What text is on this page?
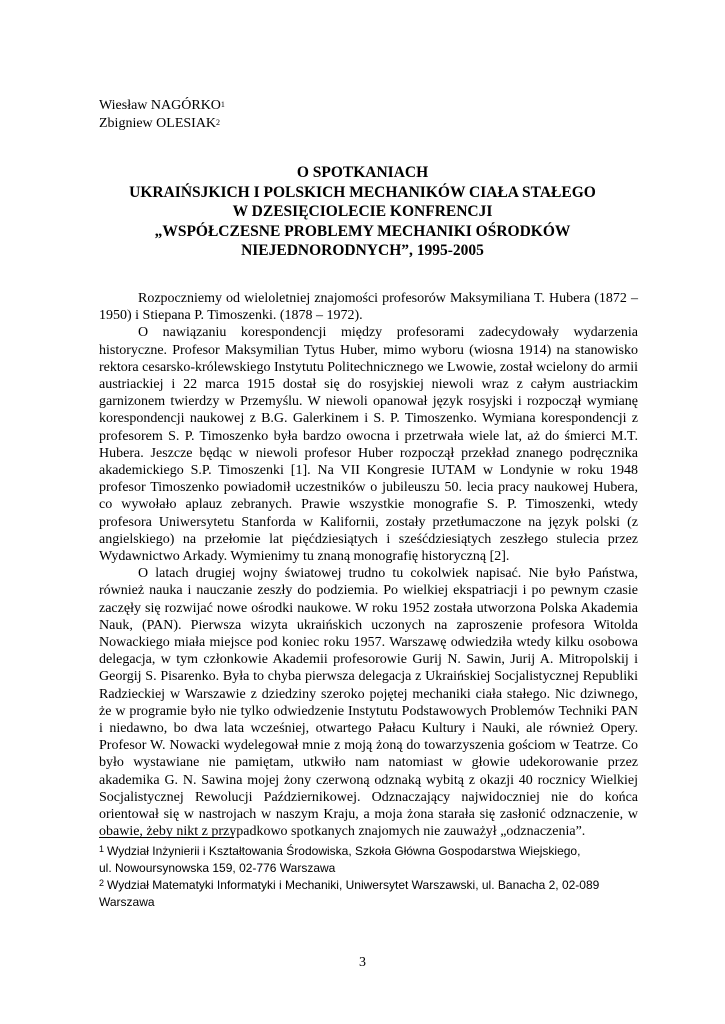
Wiesław NAGÓRKO$^1$
Zbigniew OLESIAK$^2$
O SPOTKANIACH
UKRAIŃSJKICH I POLSKICH MECHANIKÓW CIAŁA STAŁEGO
W DZESIĘCIOLECIE KONFRENCJI
„WSPÓŁCZESNE PROBLEMY MECHANIKI OŚRODKÓW
NIEJEDNORODNYCH”, 1995-2005

Rozpoczniemy od wieloletniej znajomości profesorów Maksymiliana T. Hubera (1872 – 1950) i Stiepana P. Timoszenki. (1878 – 1972).

O nawiązaniu korespondencji między profesorami zadecydowały wydarzenia historyczne. Profesor Maksymilian Tytus Huber, mimo wyboru (wiosna 1914) na stanowisko rektora cesarsko-królewskiego Instytutu Politechnicznego we Lwowie, został wcielony do armii austriackiej i 22 marca 1915 dostał się do rosyjskiej niewoli wraz z całym austriackim garnizonem twierdzy w Przemyślu. W niewoli opanował język rosyjski i rozpoczął wymianę korespondencji naukowej z B.G. Galerkinem i S. P. Timoszenko. Wymiana korespondencji z profesorem S. P. Timoszenko była bardzo owocna i przetrwała wiele lat, aż do śmierci M.T. Hubera. Jeszcze będąc w niewoli profesor Huber rozpoczął przekład znanego podręcznika akademickiego S.P. Timoszenki [1]. Na VII Kongresie IUTAM w Londynie w roku 1948 profesor Timoszenko powiadomił uczestników o jubileuszu 50. lecia pracy naukowej Hubera, co wywołało aplauz zebranych. Prawie wszystkie monografie S. P. Timoszenki, wtedy profesora Uniwersytetu Stanforda w Kalifornii, zostały przetłumaczone na język polski (z angielskiego) na przełomie lat pięćdziesiątych i sześćdziesiątych zeszłego stulecia przez Wydawnictwo Arkady. Wymienimy tu znaną monografię historyczną [2].

O latach drugiej wojny światowej trudno tu cokolwiek napisać. Nie było Państwa, również nauka i nauczanie zeszły do podziemia. Po wielkiej ekspatriacji i po pewnym czasie zaczęły się rozwijać nowe ośrodki naukowe. W roku 1952 została utworzona Polska Akademia Nauk, (PAN). Pierwsza wizyta ukraińskich uczonych na zaproszenie profesora Witolda Nowackiego miała miejsce pod koniec roku 1957. Warszawę odwiedziła wtedy kilku osobowa delegacja, w tym członkowie Akademii profesorowie Gurij N. Sawin, Jurij A. Mitropolskij i Georgij S. Pisarenko. Była to chyba pierwsza delegacja z Ukraińskiej Socjalistycznej Republiki Radzieckiej w Warszawie z dziedziny szeroko pojętej mechaniki ciała stałego. Nic dziwnego, że w programie było nie tylko odwiedzenie Instytutu Podstawowych Problemów Techniki PAN i niedawno, bo dwa lata wcześniej, otwartego Pałacu Kultury i Nauki, ale również Opery. Profesor W. Nowacki wydelegował mnie z moją żoną do towarzyszenia gościom w Teatrze. Co było wystawiane nie pamiętam, utkwiło nam natomiast w głowie udekorowanie przez akademika G. N. Sawina mojej żony czerwoną odznaką wybitą z okazji 40 rocznicy Wielkiej Socjalistycznej Rewolucji Październikowej. Odznaczający najwidoczniej nie do końca orientował się w nastrojach w naszym Kraju, a moja żona starała się zasłonić odznaczenie, w obawie, żeby nikt z przypadkowo spotkanych znajomych nie zauważył „odznaczenia”.

$^1$ Wydział Inżynierii i Kształtowania Środowiska, Szkoła Główna Gospodarstwa Wiejskiego,
ul. Nowoursynowska 159, 02-776 Warszawa
$^2$ Wydział Matematyki Informatyki i Mechaniki, Uniwersytet Warszawski, ul. Banacha 2, 02-089
Warszawa
3
